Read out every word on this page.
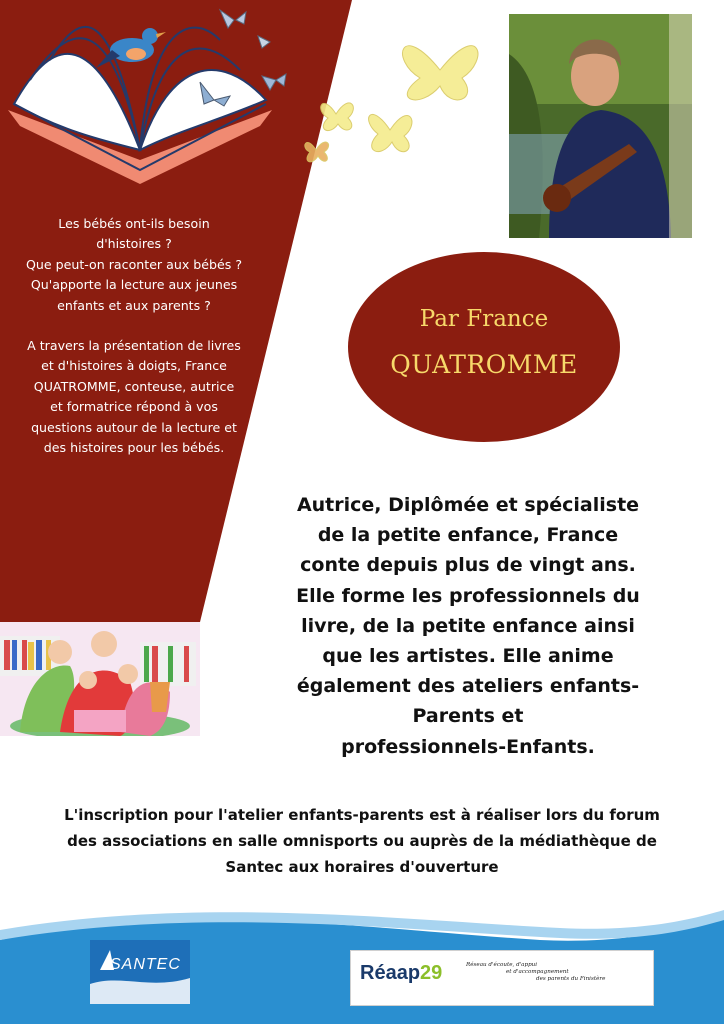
Les bébés ont-ils besoin

d'histoires ?

Que peut-on raconter aux bébés ?

Qu'apporte la lecture aux jeunes

enfants et aux parents ?

A travers la présentation de livres

et d'histoires à doigts, France

QUATROMME, conteuse, autrice

et formatrice répond à vos

questions autour de la lecture et

des histoires pour les bébés.

Par France
QUATROMME
Autrice, Diplômée et spécialiste
de la petite enfance, France
conte depuis plus de vingt ans.
Elle forme les professionnels du
livre, de la petite enfance ainsi
que les artistes. Elle anime
également des ateliers enfants-
Parents et
professionnels-Enfants.
L'inscription pour l'atelier enfants-parents est à réaliser lors du forum
des associations en salle omnisports ou auprès de la médiathèque de
Santec aux horaires d'ouverture
SANTEC	Réaap29	Réseau d'écoute, d'appui
et d'accompagnement
des parents du Finistère
